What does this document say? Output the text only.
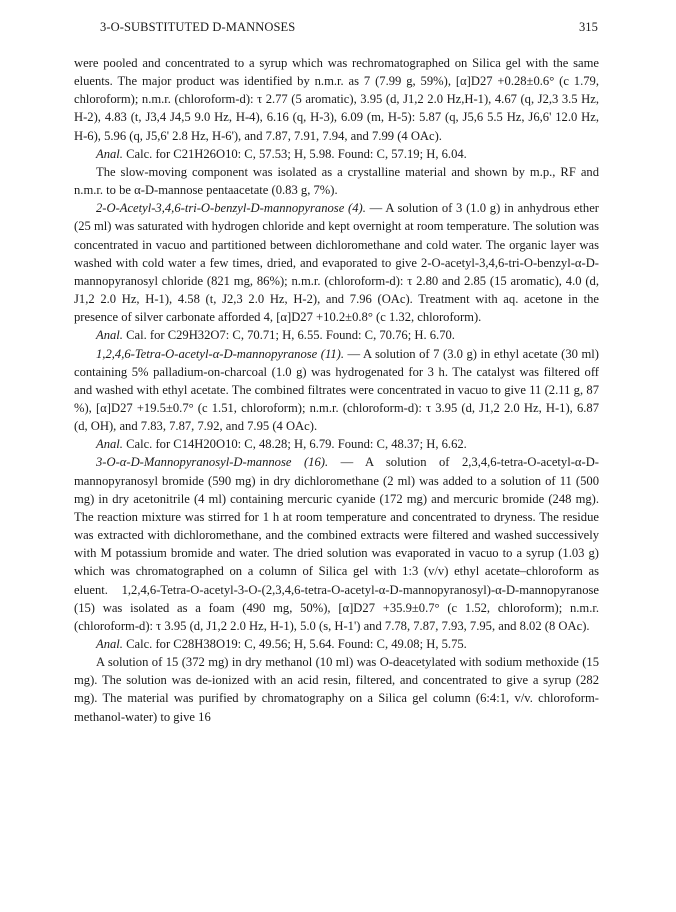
3-O-SUBSTITUTED D-MANNOSES	315

were pooled and concentrated to a syrup which was rechromatographed on Silica gel with the same eluents. The major product was identified by n.m.r. as 7 (7.99 g, 59%), [α]D27 +0.28±0.6° (c 1.79, chloroform); n.m.r. (chloroform-d): τ 2.77 (5 aromatic), 3.95 (d, J1,2 2.0 Hz,H-1), 4.67 (q, J2,3 3.5 Hz, H-2), 4.83 (t, J3,4 J4,5 9.0 Hz, H-4), 6.16 (q, H-3), 6.09 (m, H-5): 5.87 (q, J5,6 5.5 Hz, J6,6' 12.0 Hz, H-6), 5.96 (q, J5,6' 2.8 Hz, H-6'), and 7.87, 7.91, 7.94, and 7.99 (4 OAc).

Anal. Calc. for C21H26O10: C, 57.53; H, 5.98. Found: C, 57.19; H, 6.04.

The slow-moving component was isolated as a crystalline material and shown by m.p., RF and n.m.r. to be α-D-mannose pentaacetate (0.83 g, 7%).

2-O-Acetyl-3,4,6-tri-O-benzyl-D-mannopyranose (4). — A solution of 3 (1.0 g) in anhydrous ether (25 ml) was saturated with hydrogen chloride and kept overnight at room temperature. The solution was concentrated in vacuo and partitioned between dichloromethane and cold water. The organic layer was washed with cold water a few times, dried, and evaporated to give 2-O-acetyl-3,4,6-tri-O-benzyl-α-D-mannopyranosyl chloride (821 mg, 86%); n.m.r. (chloroform-d): τ 2.80 and 2.85 (15 aromatic), 4.0 (d, J1,2 2.0 Hz, H-1), 4.58 (t, J2,3 2.0 Hz, H-2), and 7.96 (OAc). Treatment with aq. acetone in the presence of silver carbonate afforded 4, [α]D27 +10.2±0.8° (c 1.32, chloroform).

Anal. Cal. for C29H32O7: C, 70.71; H, 6.55. Found: C, 70.76; H. 6.70.

1,2,4,6-Tetra-O-acetyl-α-D-mannopyranose (11). — A solution of 7 (3.0 g) in ethyl acetate (30 ml) containing 5% palladium-on-charcoal (1.0 g) was hydrogenated for 3 h. The catalyst was filtered off and washed with ethyl acetate. The combined filtrates were concentrated in vacuo to give 11 (2.11 g, 87 %), [α]D27 +19.5±0.7° (c 1.51, chloroform); n.m.r. (chloroform-d): τ 3.95 (d, J1,2 2.0 Hz, H-1), 6.87 (d, OH), and 7.83, 7.87, 7.92, and 7.95 (4 OAc).

Anal. Calc. for C14H20O10: C, 48.28; H, 6.79. Found: C, 48.37; H, 6.62.

3-O-α-D-Mannopyranosyl-D-mannose (16). — A solution of 2,3,4,6-tetra-O-acetyl-α-D-mannopyranosyl bromide (590 mg) in dry dichloromethane (2 ml) was added to a solution of 11 (500 mg) in dry acetonitrile (4 ml) containing mercuric cyanide (172 mg) and mercuric bromide (248 mg). The reaction mixture was stirred for 1 h at room temperature and concentrated to dryness. The residue was extracted with dichloromethane, and the combined extracts were filtered and washed successively with M potassium bromide and water. The dried solution was evaporated in vacuo to a syrup (1.03 g) which was chromatographed on a column of Silica gel with 1:3 (v/v) ethyl acetate–chloroform as eluent. 1,2,4,6-Tetra-O-acetyl-3-O-(2,3,4,6-tetra-O-acetyl-α-D-mannopyranosyl)-α-D-mannopyranose (15) was isolated as a foam (490 mg, 50%), [α]D27 +35.9±0.7° (c 1.52, chloroform); n.m.r. (chloroform-d): τ 3.95 (d, J1,2 2.0 Hz, H-1), 5.0 (s, H-1') and 7.78, 7.87, 7.93, 7.95, and 8.02 (8 OAc).

Anal. Calc. for C28H38O19: C, 49.56; H, 5.64. Found: C, 49.08; H, 5.75.

A solution of 15 (372 mg) in dry methanol (10 ml) was O-deacetylated with sodium methoxide (15 mg). The solution was de-ionized with an acid resin, filtered, and concentrated to give a syrup (282 mg). The material was purified by chromatography on a Silica gel column (6:4:1, v/v. chloroform-methanol-water) to give 16
